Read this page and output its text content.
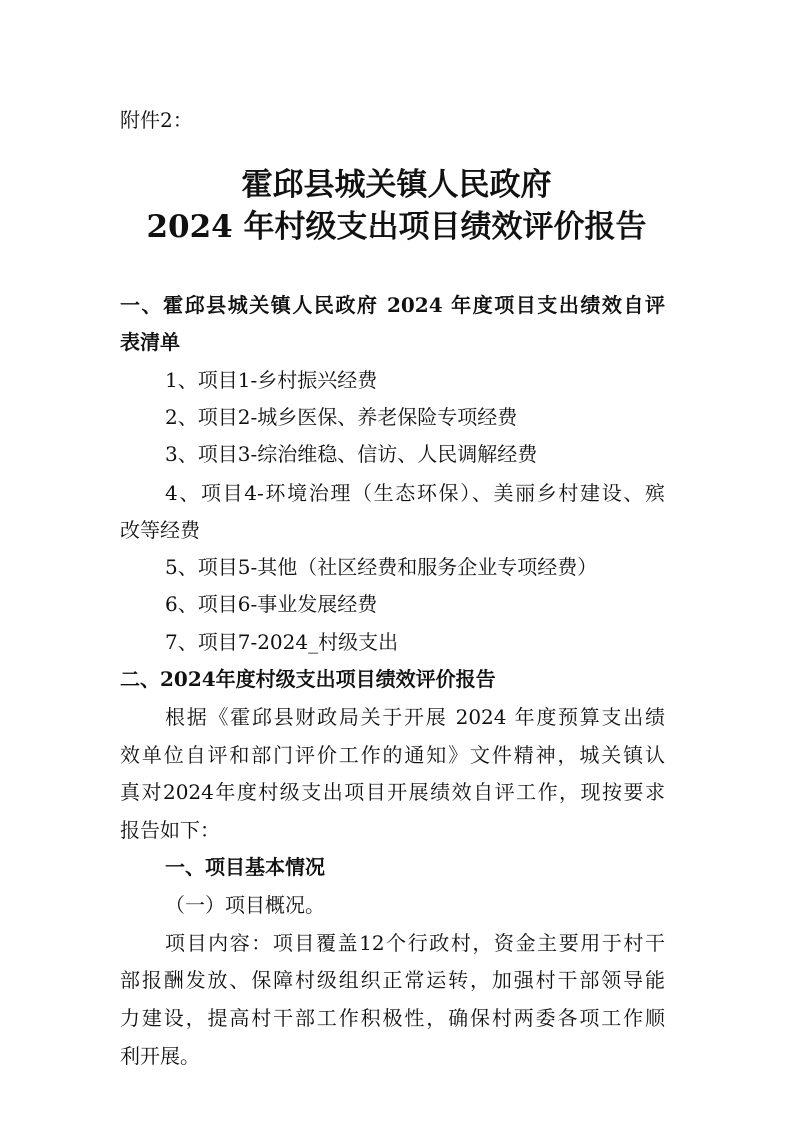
附件2：
霍邱县城关镇人民政府
2024 年村级支出项目绩效评价报告
一、霍邱县城关镇人民政府 2024 年度项目支出绩效自评
表清单
1、项目1-乡村振兴经费
2、项目2-城乡医保、养老保险专项经费
3、项目3-综治维稳、信访、人民调解经费
4、项目4-环境治理（生态环保）、美丽乡村建设、殡
改等经费
5、项目5-其他（社区经费和服务企业专项经费）
6、项目6-事业发展经费
7、项目7-2024_村级支出
二、2024年度村级支出项目绩效评价报告
根据《霍邱县财政局关于开展 2024 年度预算支出绩
效单位自评和部门评价工作的通知》文件精神，城关镇认
真对2024年度村级支出项目开展绩效自评工作，现按要求
报告如下：
一、项目基本情况
（一）项目概况。
项目内容：项目覆盖12个行政村，资金主要用于村干
部报酬发放、保障村级组织正常运转，加强村干部领导能
力建设，提高村干部工作积极性，确保村两委各项工作顺
利开展。
